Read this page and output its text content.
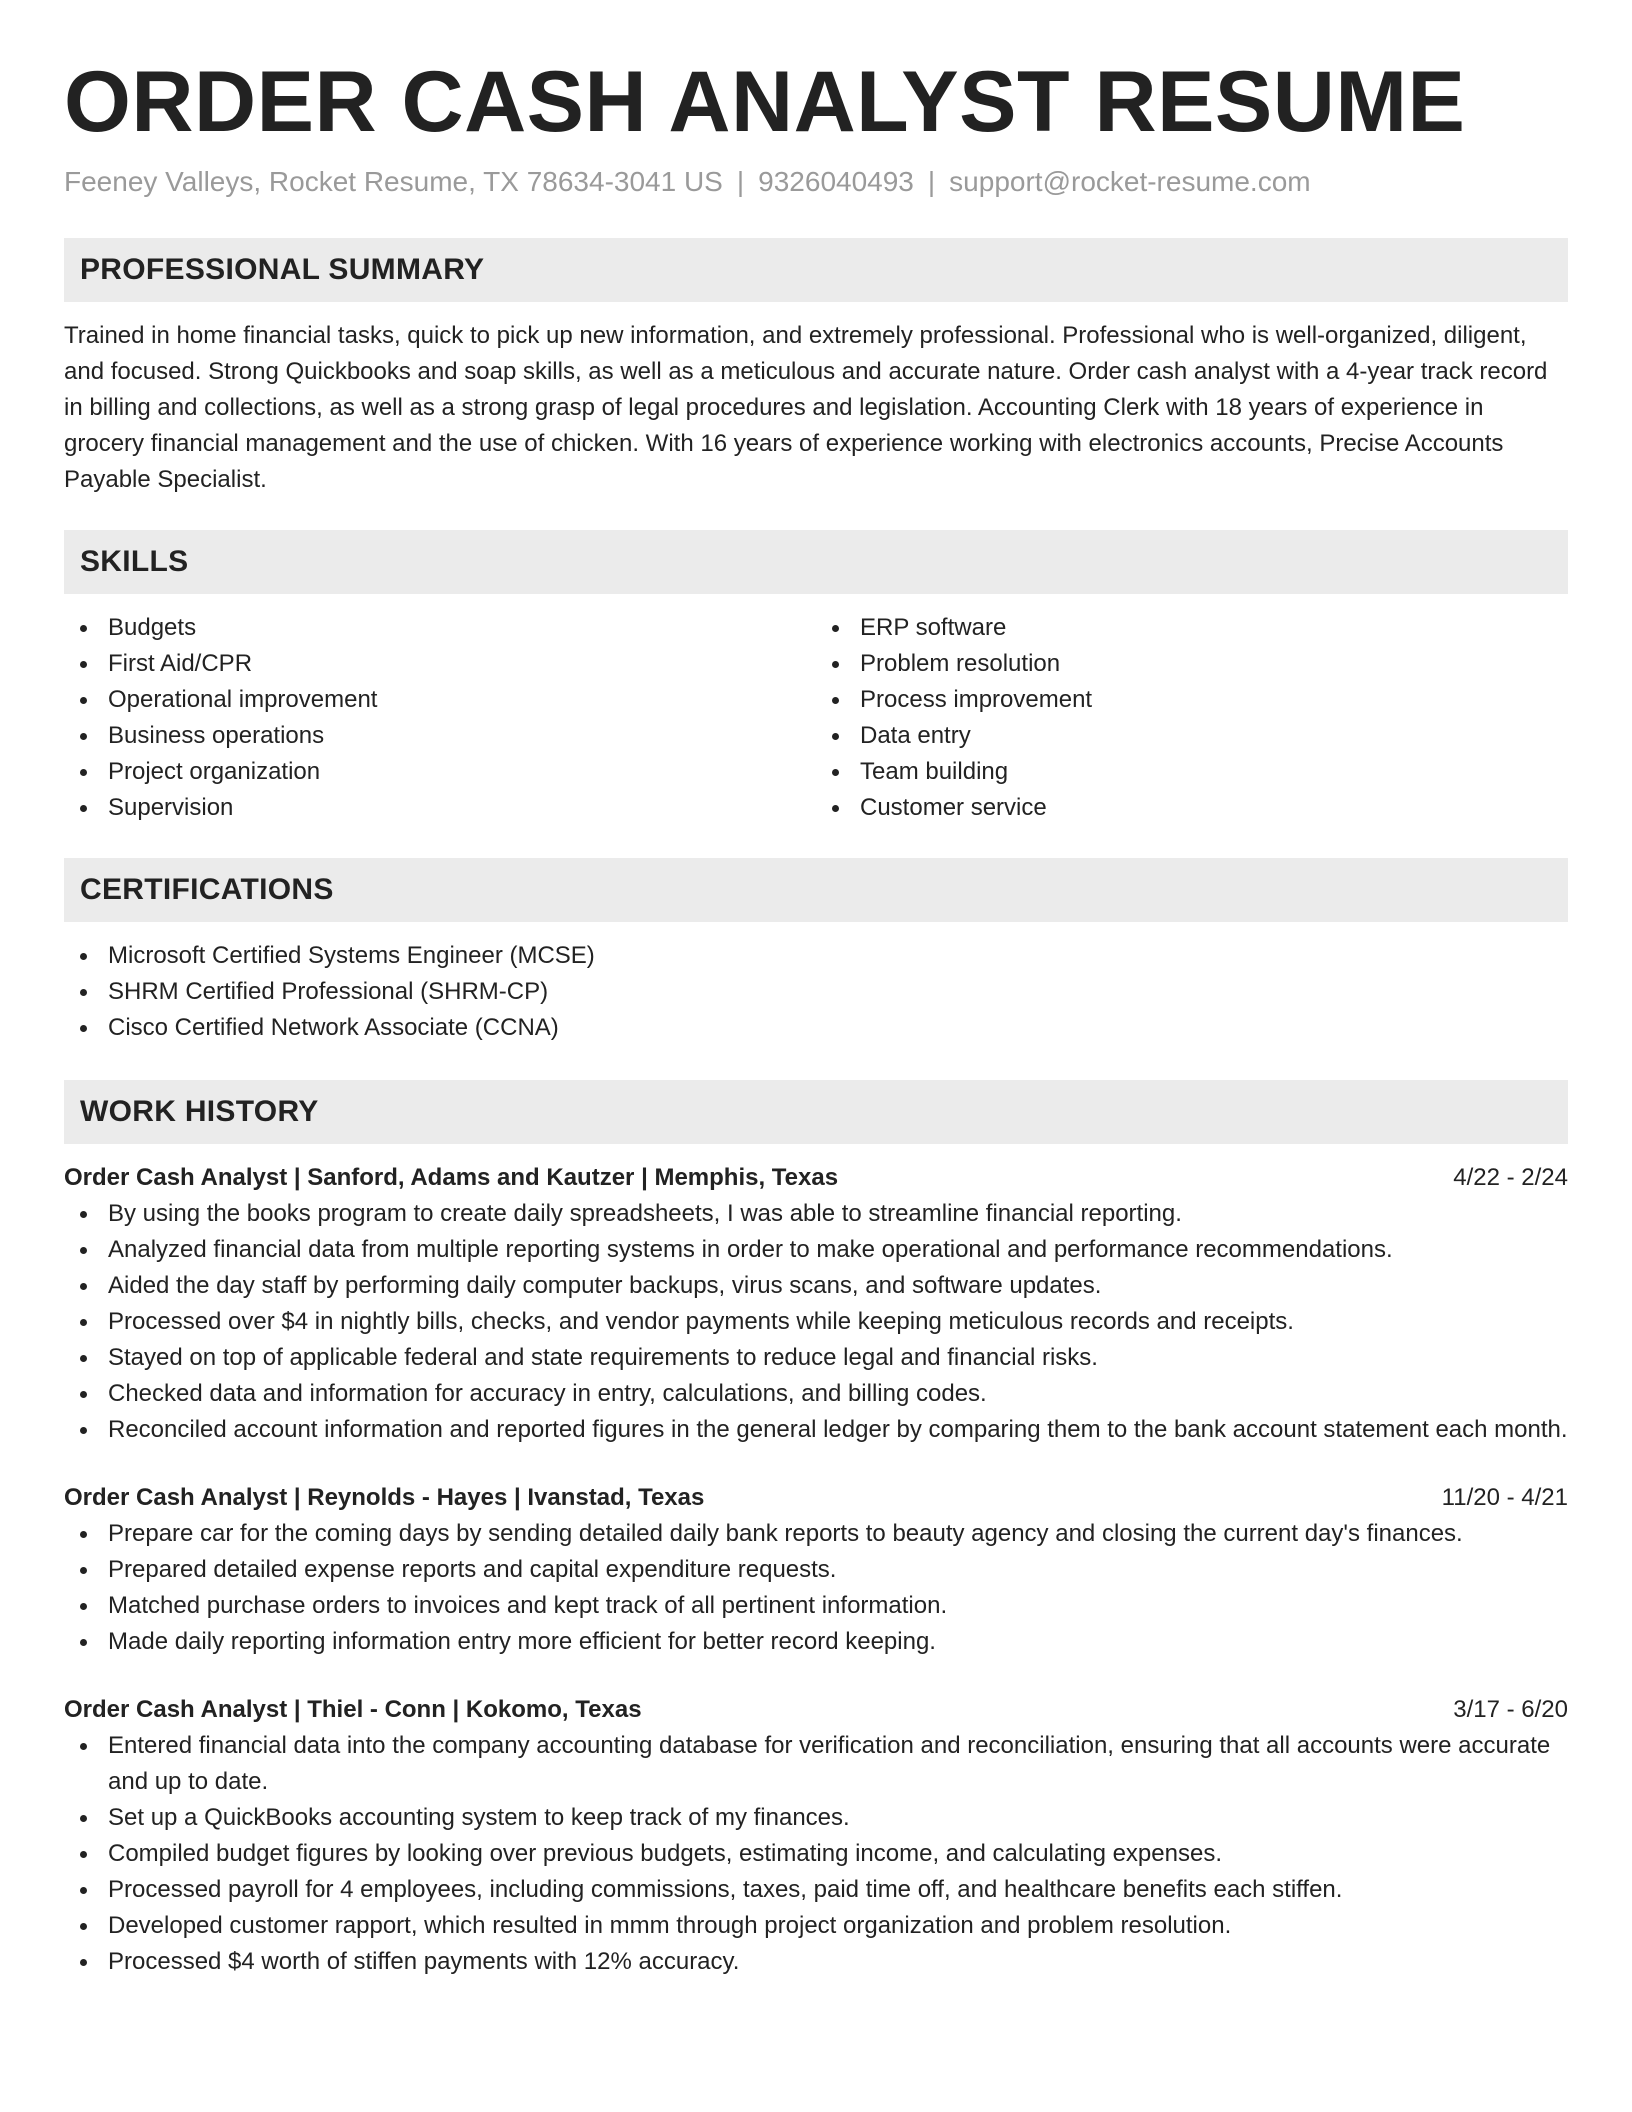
ORDER CASH ANALYST RESUME
Feeney Valleys, Rocket Resume, TX 78634-3041 US | 9326040493 | support@rocket-resume.com
PROFESSIONAL SUMMARY

Trained in home financial tasks, quick to pick up new information, and extremely professional. Professional who is well-organized, diligent, and focused. Strong Quickbooks and soap skills, as well as a meticulous and accurate nature. Order cash analyst with a 4-year track record in billing and collections, as well as a strong grasp of legal procedures and legislation. Accounting Clerk with 18 years of experience in grocery financial management and the use of chicken. With 16 years of experience working with electronics accounts, Precise Accounts Payable Specialist.

SKILLS
Budgets
First Aid/CPR
Operational improvement
Business operations
Project organization
Supervision
ERP software
Problem resolution
Process improvement
Data entry
Team building
Customer service
CERTIFICATIONS
Microsoft Certified Systems Engineer (MCSE)
SHRM Certified Professional (SHRM-CP)
Cisco Certified Network Associate (CCNA)
WORK HISTORY
Order Cash Analyst | Sanford, Adams and Kautzer | Memphis, Texas	4/22 - 2/24
By using the books program to create daily spreadsheets, I was able to streamline financial reporting.
Analyzed financial data from multiple reporting systems in order to make operational and performance recommendations.
Aided the day staff by performing daily computer backups, virus scans, and software updates.
Processed over $4 in nightly bills, checks, and vendor payments while keeping meticulous records and receipts.
Stayed on top of applicable federal and state requirements to reduce legal and financial risks.
Checked data and information for accuracy in entry, calculations, and billing codes.
Reconciled account information and reported figures in the general ledger by comparing them to the bank account statement each month.
Order Cash Analyst | Reynolds - Hayes | Ivanstad, Texas	11/20 - 4/21
Prepare car for the coming days by sending detailed daily bank reports to beauty agency and closing the current day's finances.
Prepared detailed expense reports and capital expenditure requests.
Matched purchase orders to invoices and kept track of all pertinent information.
Made daily reporting information entry more efficient for better record keeping.
Order Cash Analyst | Thiel - Conn | Kokomo, Texas	3/17 - 6/20
Entered financial data into the company accounting database for verification and reconciliation, ensuring that all accounts were accurate and up to date.
Set up a QuickBooks accounting system to keep track of my finances.
Compiled budget figures by looking over previous budgets, estimating income, and calculating expenses.
Processed payroll for 4 employees, including commissions, taxes, paid time off, and healthcare benefits each stiffen.
Developed customer rapport, which resulted in mmm through project organization and problem resolution.
Processed $4 worth of stiffen payments with 12% accuracy.
